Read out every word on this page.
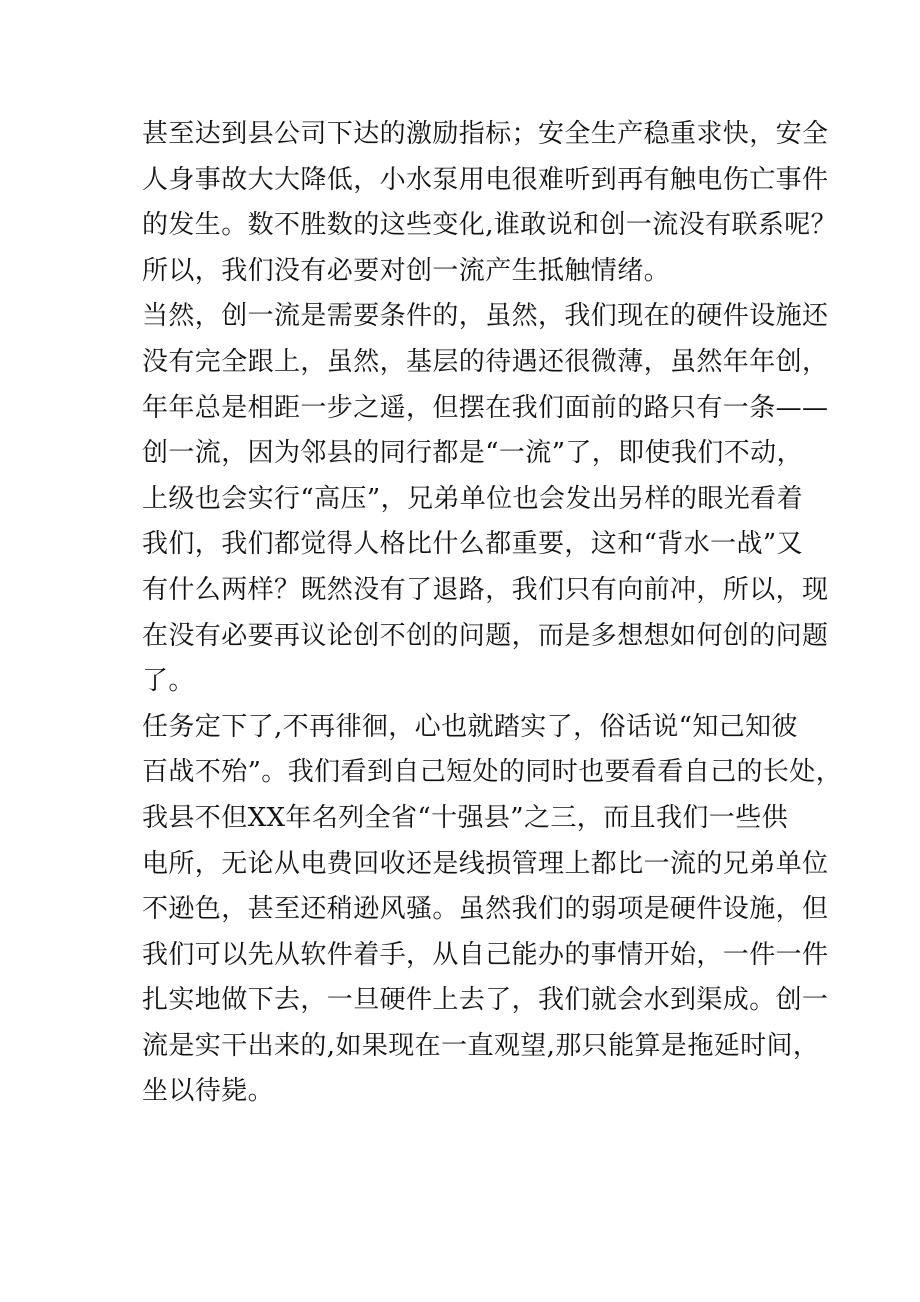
甚至达到县公司下达的激励指标；安全生产稳重求快，安全
人身事故大大降低，小水泵用电很难听到再有触电伤亡事件
的发生。数不胜数的这些变化,谁敢说和创一流没有联系呢？
所以，我们没有必要对创一流产生抵触情绪。
当然，创一流是需要条件的，虽然，我们现在的硬件设施还
没有完全跟上，虽然，基层的待遇还很微薄，虽然年年创，
年年总是相距一步之遥，但摆在我们面前的路只有一条——
创一流，因为邻县的同行都是“一流”了，即使我们不动，
上级也会实行“高压”，兄弟单位也会发出另样的眼光看着
我们，我们都觉得人格比什么都重要，这和“背水一战”又
有什么两样？既然没有了退路，我们只有向前冲，所以，现
在没有必要再议论创不创的问题，而是多想想如何创的问题
了。
任务定下了,不再徘徊，心也就踏实了，俗话说“知己知彼
百战不殆”。我们看到自己短处的同时也要看看自己的长处，
我县不但XX年名列全省“十强县”之三，而且我们一些供
电所，无论从电费回收还是线损管理上都比一流的兄弟单位
不逊色，甚至还稍逊风骚。虽然我们的弱项是硬件设施，但
我们可以先从软件着手，从自己能办的事情开始，一件一件
扎实地做下去，一旦硬件上去了，我们就会水到渠成。创一
流是实干出来的,如果现在一直观望,那只能算是拖延时间，
坐以待毙。
